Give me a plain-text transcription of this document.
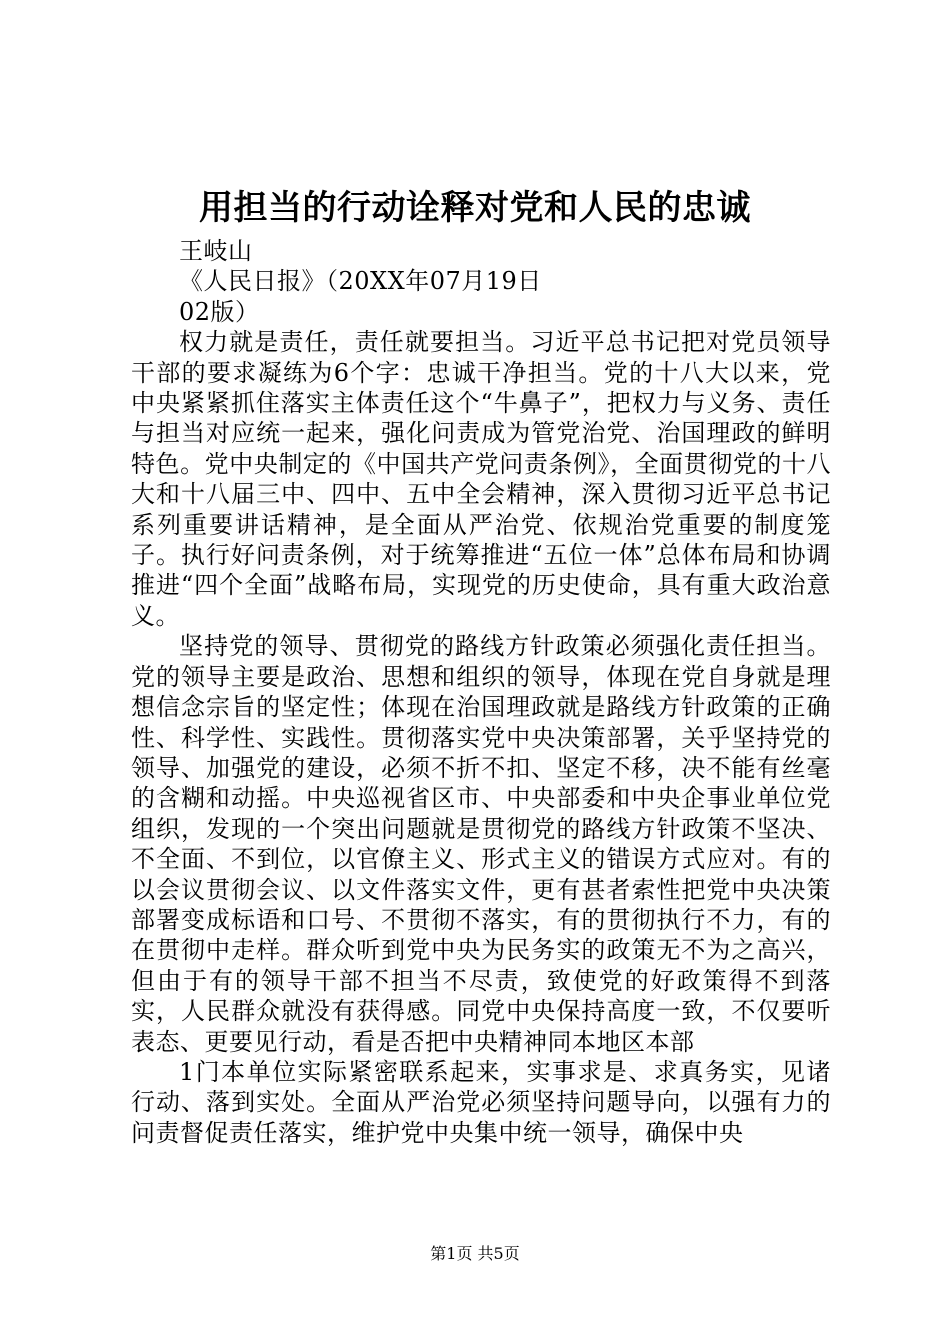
用担当的行动诠释对党和人民的忠诚

王岐山

《人民日报》（20XX年07月19日

02版）

权力就是责任，责任就要担当。习近平总书记把对党员领导干部的要求凝练为6个字：忠诚干净担当。党的十八大以来，党中央紧紧抓住落实主体责任这个“牛鼻子”，把权力与义务、责任与担当对应统一起来，强化问责成为管党治党、治国理政的鲜明特色。党中央制定的《中国共产党问责条例》，全面贯彻党的十八大和十八届三中、四中、五中全会精神，深入贯彻习近平总书记系列重要讲话精神，是全面从严治党、依规治党重要的制度笼子。执行好问责条例，对于统筹推进“五位一体”总体布局和协调推进“四个全面”战略布局，实现党的历史使命，具有重大政治意义。

坚持党的领导、贯彻党的路线方针政策必须强化责任担当。党的领导主要是政治、思想和组织的领导，体现在党自身就是理想信念宗旨的坚定性；体现在治国理政就是路线方针政策的正确性、科学性、实践性。贯彻落实党中央决策部署，关乎坚持党的领导、加强党的建设，必须不折不扣、坚定不移，决不能有丝毫的含糊和动摇。中央巡视省区市、中央部委和中央企事业单位党组织，发现的一个突出问题就是贯彻党的路线方针政策不坚决、不全面、不到位，以官僚主义、形式主义的错误方式应对。有的以会议贯彻会议、以文件落实文件，更有甚者索性把党中央决策部署变成标语和口号、不贯彻不落实，有的贯彻执行不力，有的在贯彻中走样。群众听到党中央为民务实的政策无不为之高兴，但由于有的领导干部不担当不尽责，致使党的好政策得不到落实，人民群众就没有获得感。同党中央保持高度一致，不仅要听表态、更要见行动，看是否把中央精神同本地区本部

1门本单位实际紧密联系起来，实事求是、求真务实，见诸行动、落到实处。全面从严治党必须坚持问题导向，以强有力的问责督促责任落实，维护党中央集中统一领导，确保中央

第1页 共5页
